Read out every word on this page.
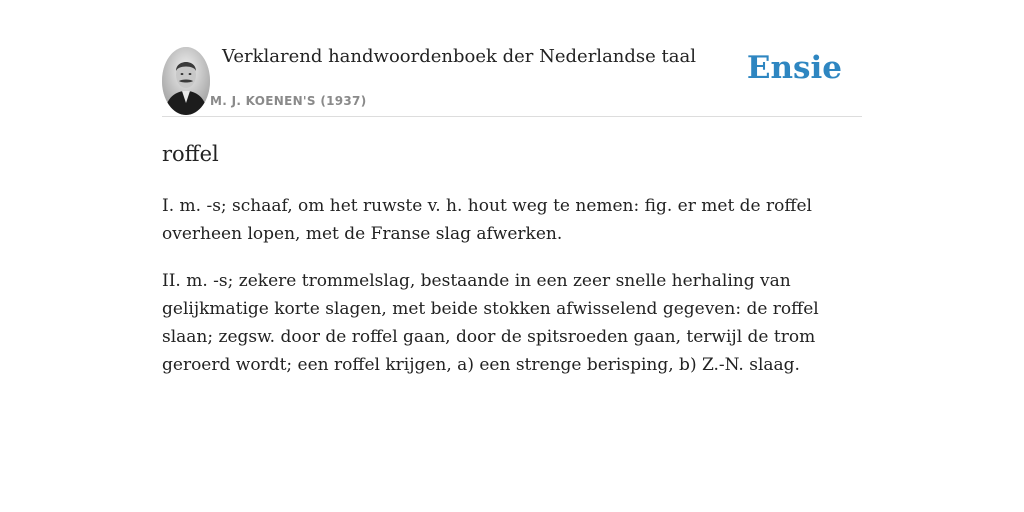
Verklarend handwoordenboek der Nederlandse taal
M. J. KOENEN'S (1937)
Ensie
roffel

I. m. -s; schaaf, om het ruwste v. h. hout weg te nemen: fig. er met de roffel overheen lopen, met de Franse slag afwerken.

II. m. -s; zekere trommelslag, bestaande in een zeer snelle herhaling van gelijkmatige korte slagen, met beide stokken afwisselend gegeven: de roffel slaan; zegsw. door de roffel gaan, door de spitsroeden gaan, terwijl de trom geroerd wordt; een roffel krijgen, a) een strenge berisping, b) Z.-N. slaag.
